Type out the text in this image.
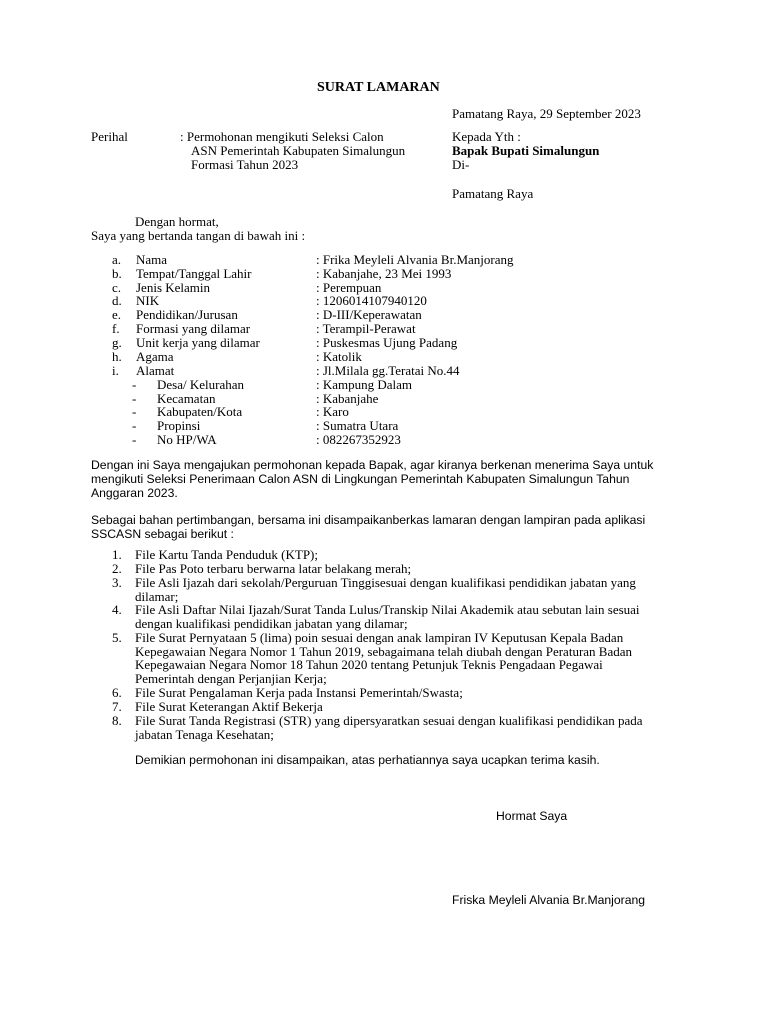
SURAT LAMARAN
Pamatang Raya, 29 September 2023
Perihal	: Permohonan mengikuti Seleksi Calon
ASN Pemerintah Kabupaten Simalungun
Formasi Tahun 2023
Kepada Yth :
Bapak Bupati Simalungun
Di-
Pamatang Raya
Dengan hormat,
Saya yang bertanda tangan di bawah ini :
a. Nama	: Frika Meyleli Alvania Br.Manjorang
b. Tempat/Tanggal Lahir	: Kabanjahe, 23 Mei 1993
c. Jenis Kelamin	: Perempuan
d. NIK	: 1206014107940120
e. Pendidikan/Jurusan	: D-III/Keperawatan
f. Formasi yang dilamar	: Terampil-Perawat
g. Unit kerja yang dilamar	: Puskesmas Ujung Padang
h. Agama	: Katolik
i. Alamat	: Jl.Milala gg.Teratai No.44
- Desa/ Kelurahan	: Kampung Dalam
- Kecamatan	: Kabanjahe
- Kabupaten/Kota	: Karo
- Propinsi	: Sumatra Utara
- No HP/WA	: 082267352923
Dengan ini Saya mengajukan permohonan kepada Bapak, agar kiranya berkenan menerima Saya untuk
mengikuti Seleksi Penerimaan Calon ASN di Lingkungan Pemerintah Kabupaten Simalungun Tahun
Anggaran 2023.
Sebagai bahan pertimbangan, bersama ini disampaikanberkas lamaran dengan lampiran pada aplikasi
SSCASN sebagai berikut :
1. File Kartu Tanda Penduduk (KTP);
2. File Pas Poto terbaru berwarna latar belakang merah;
3. File Asli Ijazah dari sekolah/Perguruan Tinggisesuai dengan kualifikasi pendidikan jabatan yang
dilamar;
4. File Asli Daftar Nilai Ijazah/Surat Tanda Lulus/Transkip Nilai Akademik atau sebutan lain sesuai
dengan kualifikasi pendidikan jabatan yang dilamar;
5. File Surat Pernyataan 5 (lima) poin sesuai dengan anak lampiran IV Keputusan Kepala Badan
Kepegawaian Negara Nomor 1 Tahun 2019, sebagaimana telah diubah dengan Peraturan Badan
Kepegawaian Negara Nomor 18 Tahun 2020 tentang Petunjuk Teknis Pengadaan Pegawai
Pemerintah dengan Perjanjian Kerja;
6. File Surat Pengalaman Kerja pada Instansi Pemerintah/Swasta;
7. File Surat Keterangan Aktif Bekerja
8. File Surat Tanda Registrasi (STR) yang dipersyaratkan sesuai dengan kualifikasi pendidikan pada
jabatan Tenaga Kesehatan;
Demikian permohonan ini disampaikan, atas perhatiannya saya ucapkan terima kasih.
Hormat Saya
Friska Meyleli Alvania Br.Manjorang
